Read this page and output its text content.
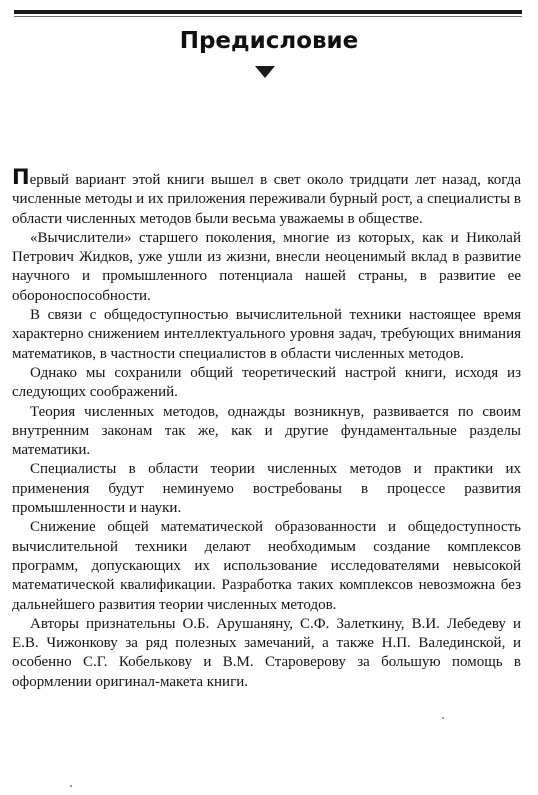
Предисловие

Первый вариант этой книги вышел в свет около тридцати лет назад, когда численные методы и их приложения переживали бурный рост, а специалисты в области численных методов были весьма уважаемы в обществе.

«Вычислители» старшего поколения, многие из которых, как и Николай Петрович Жидков, уже ушли из жизни, внесли неоценимый вклад в развитие научного и промышленного потенциала нашей страны, в развитие ее обороноспособности.

В связи с общедоступностью вычислительной техники настоящее время характерно снижением интеллектуального уровня задач, требующих внимания математиков, в частности специалистов в области численных методов.

Однако мы сохранили общий теоретический настрой книги, исходя из следующих соображений.

Теория численных методов, однажды возникнув, развивается по своим внутренним законам так же, как и другие фундаментальные разделы математики.

Специалисты в области теории численных методов и практики их применения будут неминуемо востребованы в процессе развития промышленности и науки.

Снижение общей математической образованности и общедоступность вычислительной техники делают необходимым создание комплексов программ, допускающих их использование исследователями невысокой математической квалификации. Разработка таких комплексов невозможна без дальнейшего развития теории численных методов.

Авторы признательны О.Б. Арушаняну, С.Ф. Залеткину, В.И. Лебедеву и Е.В. Чижонкову за ряд полезных замечаний, а также Н.П. Валединской, и особенно С.Г. Кобелькову и В.М. Староверову за большую помощь в оформлении оригинал-макета книги.
